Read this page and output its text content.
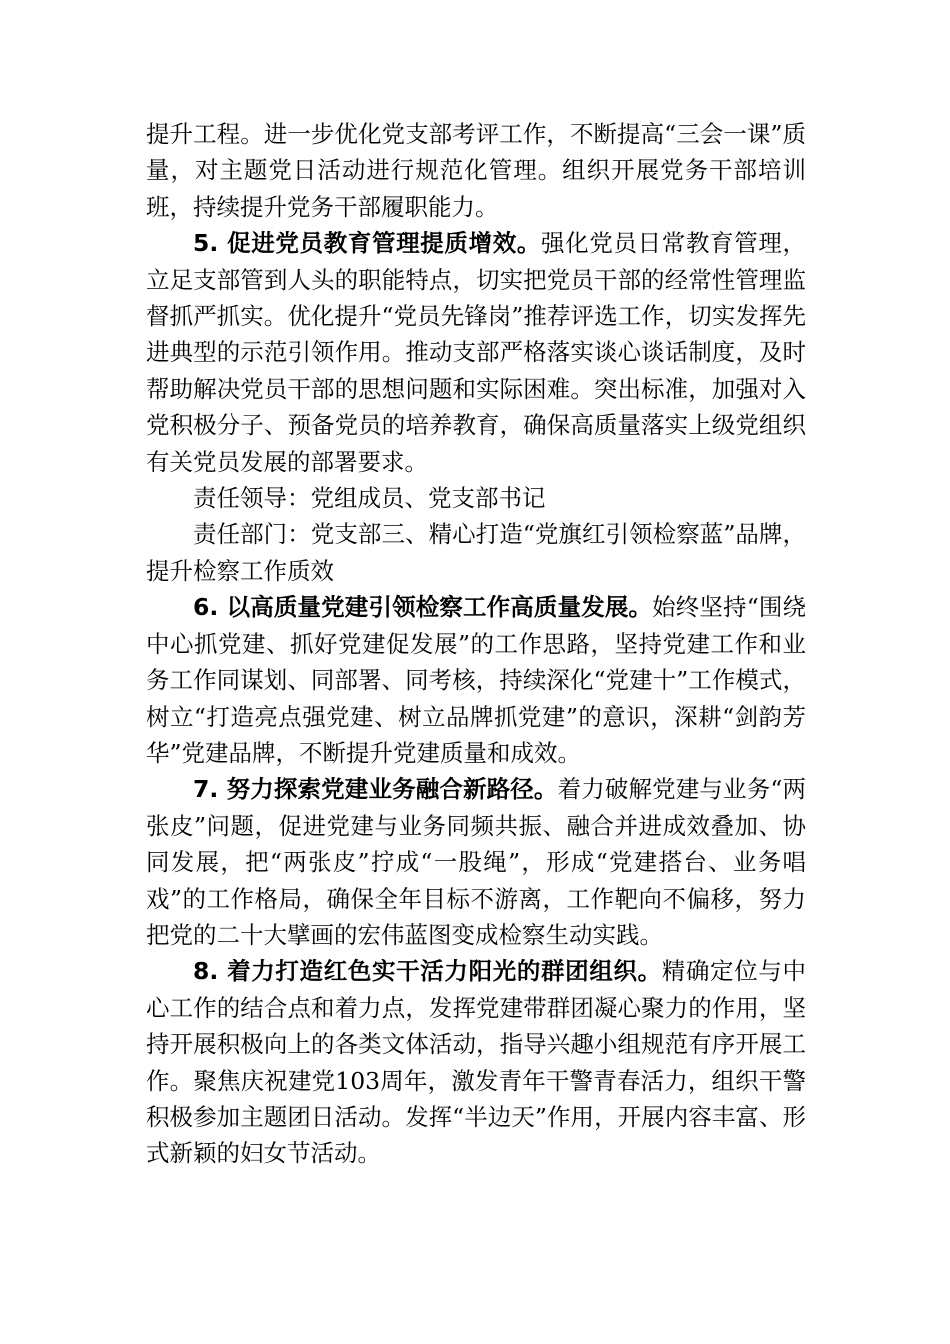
提升工程。进一步优化党支部考评工作，不断提高“三会一课”质量，对主题党日活动进行规范化管理。组织开展党务干部培训班，持续提升党务干部履职能力。

5. 促进党员教育管理提质增效。强化党员日常教育管理，立足支部管到人头的职能特点，切实把党员干部的经常性管理监督抓严抓实。优化提升“党员先锋岗”推荐评选工作，切实发挥先进典型的示范引领作用。推动支部严格落实谈心谈话制度，及时帮助解决党员干部的思想问题和实际困难。突出标准，加强对入党积极分子、预备党员的培养教育，确保高质量落实上级党组织有关党员发展的部署要求。

责任领导：党组成员、党支部书记

责任部门：党支部三、精心打造“党旗红引领检察蓝”品牌，提升检察工作质效

6. 以高质量党建引领检察工作高质量发展。始终坚持“围绕中心抓党建、抓好党建促发展”的工作思路，坚持党建工作和业务工作同谋划、同部署、同考核，持续深化“党建十”工作模式，树立“打造亮点强党建、树立品牌抓党建”的意识，深耕“剑韵芳华”党建品牌，不断提升党建质量和成效。

7. 努力探索党建业务融合新路径。着力破解党建与业务“两张皮”问题，促进党建与业务同频共振、融合并进成效叠加、协同发展，把“两张皮”拧成“一股绳”，形成“党建搭台、业务唱戏”的工作格局，确保全年目标不游离，工作靶向不偏移，努力把党的二十大擘画的宏伟蓝图变成检察生动实践。

8. 着力打造红色实干活力阳光的群团组织。精确定位与中心工作的结合点和着力点，发挥党建带群团凝心聚力的作用，坚持开展积极向上的各类文体活动，指导兴趣小组规范有序开展工作。聚焦庆祝建党103周年，激发青年干警青春活力，组织干警积极参加主题团日活动。发挥“半边天”作用，开展内容丰富、形式新颖的妇女节活动。
